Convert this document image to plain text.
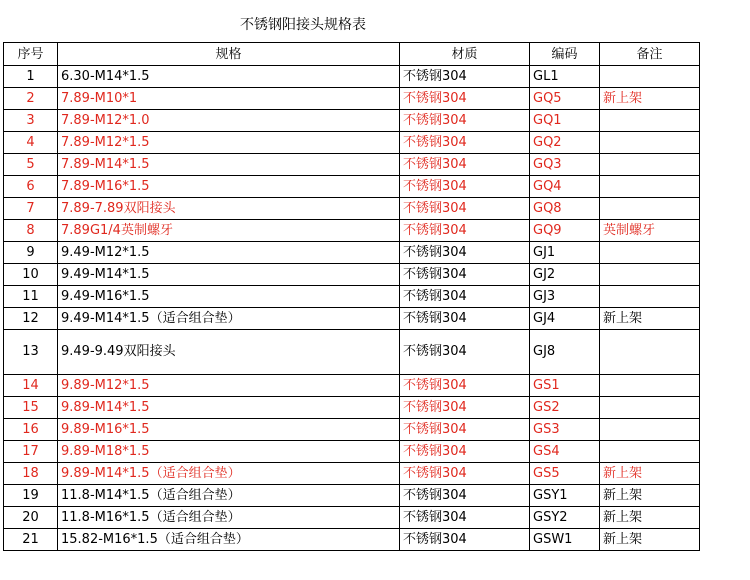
不锈钢阳接头规格表
序号	规格	材质	编码	备注
1	6.30-M14*1.5	不锈钢304	GL1	
2	7.89-M10*1	不锈钢304	GQ5	新上架
3	7.89-M12*1.0	不锈钢304	GQ1	
4	7.89-M12*1.5	不锈钢304	GQ2	
5	7.89-M14*1.5	不锈钢304	GQ3	
6	7.89-M16*1.5	不锈钢304	GQ4	
7	7.89-7.89双阳接头	不锈钢304	GQ8	
8	7.89G1/4英制螺牙	不锈钢304	GQ9	英制螺牙
9	9.49-M12*1.5	不锈钢304	GJ1	
10	9.49-M14*1.5	不锈钢304	GJ2	
11	9.49-M16*1.5	不锈钢304	GJ3	
12	9.49-M14*1.5（适合组合垫）	不锈钢304	GJ4	新上架
13	9.49-9.49双阳接头	不锈钢304	GJ8	
14	9.89-M12*1.5	不锈钢304	GS1	
15	9.89-M14*1.5	不锈钢304	GS2	
16	9.89-M16*1.5	不锈钢304	GS3	
17	9.89-M18*1.5	不锈钢304	GS4	
18	9.89-M14*1.5（适合组合垫）	不锈钢304	GS5	新上架
19	11.8-M14*1.5（适合组合垫）	不锈钢304	GSY1	新上架
20	11.8-M16*1.5（适合组合垫）	不锈钢304	GSY2	新上架
21	15.82-M16*1.5（适合组合垫）	不锈钢304	GSW1	新上架
